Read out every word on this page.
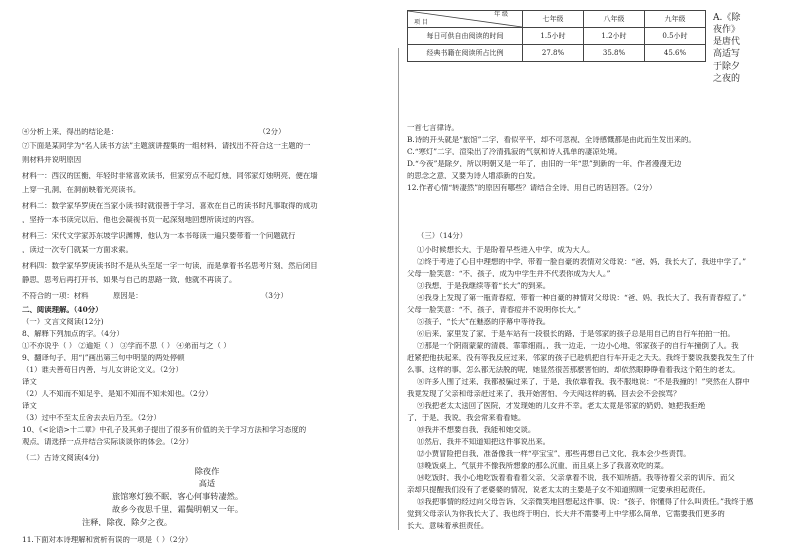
④分析上来，得出的结论是：______________________________________（2分）
⑦下面是某同学为“名人读书方法”主题演讲搜集的一组材料，请找出不符合这一主题的一
则材料并说明原因
材料一：西汉的匡衡，年轻时非常喜欢读书，但家穷点不起灯烛，同邻家灯烛明亮，便在墙
上穿一孔洞，在洞前映着光亮读书。
材料二：数学家华罗庚在当家小读书时就很善于学习，喜欢在自己的读书时凡事取得的成功
，坚持一本书读完以后，他也会凝视书页一起深刻地回想所读过的内容。
材料三：宋代文学家苏东坡学识渊博，他认为一本书每读一遍只要带着一个问题就行
，读过一次专门就某一方面求索。
材料四：数学家华罗庚读书时不是从头至尾一字一句读，而是拿着书名思考片刻，然后闭目
静思，思考后再打开书，如果与自己的思路一致，他就不再读了。
不符合的一项：材料______ 原因是：________________________________（3分）
二、阅读理解。（40分）
（一）文言文阅读(12分)
8、解释下列加点的字。（4分）
①不亦说乎（ ） ②逾矩（ ） ③学而不思（ ） ④弟而与之（ ）
9、翻译句子，用“|”画出第三句中明显的两处停顿
（1）谁夫善苟日内善，与儿女讲论文义。（2分）
译文________________________________________________________________
（2）人不知而不知足乎，是知不知而不知未知也。（2分）
译文________________________________________________________________
（3）过中不至太丘舍去去后乃至。（2分）
10、《<论语>十二章》中孔子及其弟子提出了很多有价值的关于学习方法和学习态度的
观点，请选择一点并结合实际谈谈你的体会。（2分）
（二）古诗文阅读(4分)
除夜作
高适
旅馆寒灯独不眠，客心何事转凄然。
故乡今夜思千里，霜鬓明朝又一年。
注释，除夜，除夕之夜。
11.下面对本诗理解和赏析有误的一项是（ ）（2分）
年 级
项 目	七年级	八年级	九年级
每日可供自由阅读的时间	1.5小时	1.2小时	0.5小时
经典书籍在阅读所占比例	27.8%	35.8%	45.6%
A.《除
夜作》
是唐代
高适写
于除夕
之夜的
一首七言律诗。
B.诗的开头就是“旅馆”二字，看似平平，却不可忽视，全诗感慨都是由此而生发出来的。
C.“寒灯”二字，渲染出了冷清孤寂的气氛和诗人孤单的凄凉处境。
D.“今夜”是除夕，所以明朝又是一年了，由旧的一年“思”到新的一年，作者漫漫无边
的思念之意，又要为诗人增添新的白发。
12.作者心情“转凄然”的原因有哪些？请结合全诗，用自己的话回答。（2分）
（三）（14分）
①小时候想长大，于是盼着早些进入中学，成为大人。
②终于考进了心目中理想的中学，带着一脸自豪的表情对父母说：“爸，妈，我长大了，我进中学了。”
父母一脸笑意：“不，孩子，成为中学生并不代表你成为大人。”
③我想，于是我继续等着“长大”的到来。
④我身上发现了第一瓶青春痘，带着一种自豪的神情对父母说：“爸、妈，我长大了，我有青春痘了。”
父母一脸笑意：“不，孩子，青春痘并不说明你长大。”
⑤孩子，“长大”在魅惑的序幕中等待我。
⑥后来，家里发了家，于是车站有一段很长的路，于是邻家的孩子总是用自己的自行车拍拍一拍。
⑦那是一个阴雨蒙蒙的清晨，霏霏细雨。，我一边走，一边小心地，邻家孩子的自行车撞倒了人。我
赶紧把他扶起来，没有等我反应过来，邻家的孩子已趁机把自行车开走之夭夭。我终于要说我要我发生了什
么事，这样的事，怎么都无法脱的呢，她显然很苦那麽害怕的，却依然眼睁睁看着我这个陌生的老太。
⑧许多人围了过来，我都被骗过来了，于是，我依靠着我，我不服地说：“不是我撞的！”突然在人群中
我竟发现了父亲和母亲赶过来了，我开始害怕，今天闯这样的祸，回去会不会挨骂？
⑨我把老太太送回了医院，才发现她的儿女并不幸。老太太竟是邻家的奶奶，她把我拒绝
了，于是，我说，我会常来看看她。
⑩我并不想要自我，我能和她交谈。
⑪然后，我并不知道知把这件事说出来。
⑫小贾冒险把自我，准备像我一样“亭宝宝”，那些再想自己文化，我本会少些责罚。
⑬晚饭桌上，气氛并不像我所想象的那么沉重，而且桌上多了我喜欢吃的菜。
⑭吃饭时，我小心地吃饭着看看着父亲，父亲拿着不说，我不知所措。我等待着父亲的训斥，而父
亲却只提醒我们没有了老婆婆的情况，说老太太的主要是子女不知道照顾一定要承担起责任。
⑮我把事情的经过向父母告诉，父亲微笑地回想起这件事，说：“孩子，你懂得了什么叫责任。”我终于感
觉到父母亲认为你我长大了，我也终于明白，长大并不需要考上中学那么简单，它需要我们更多的
长大，意味着承担责任。
